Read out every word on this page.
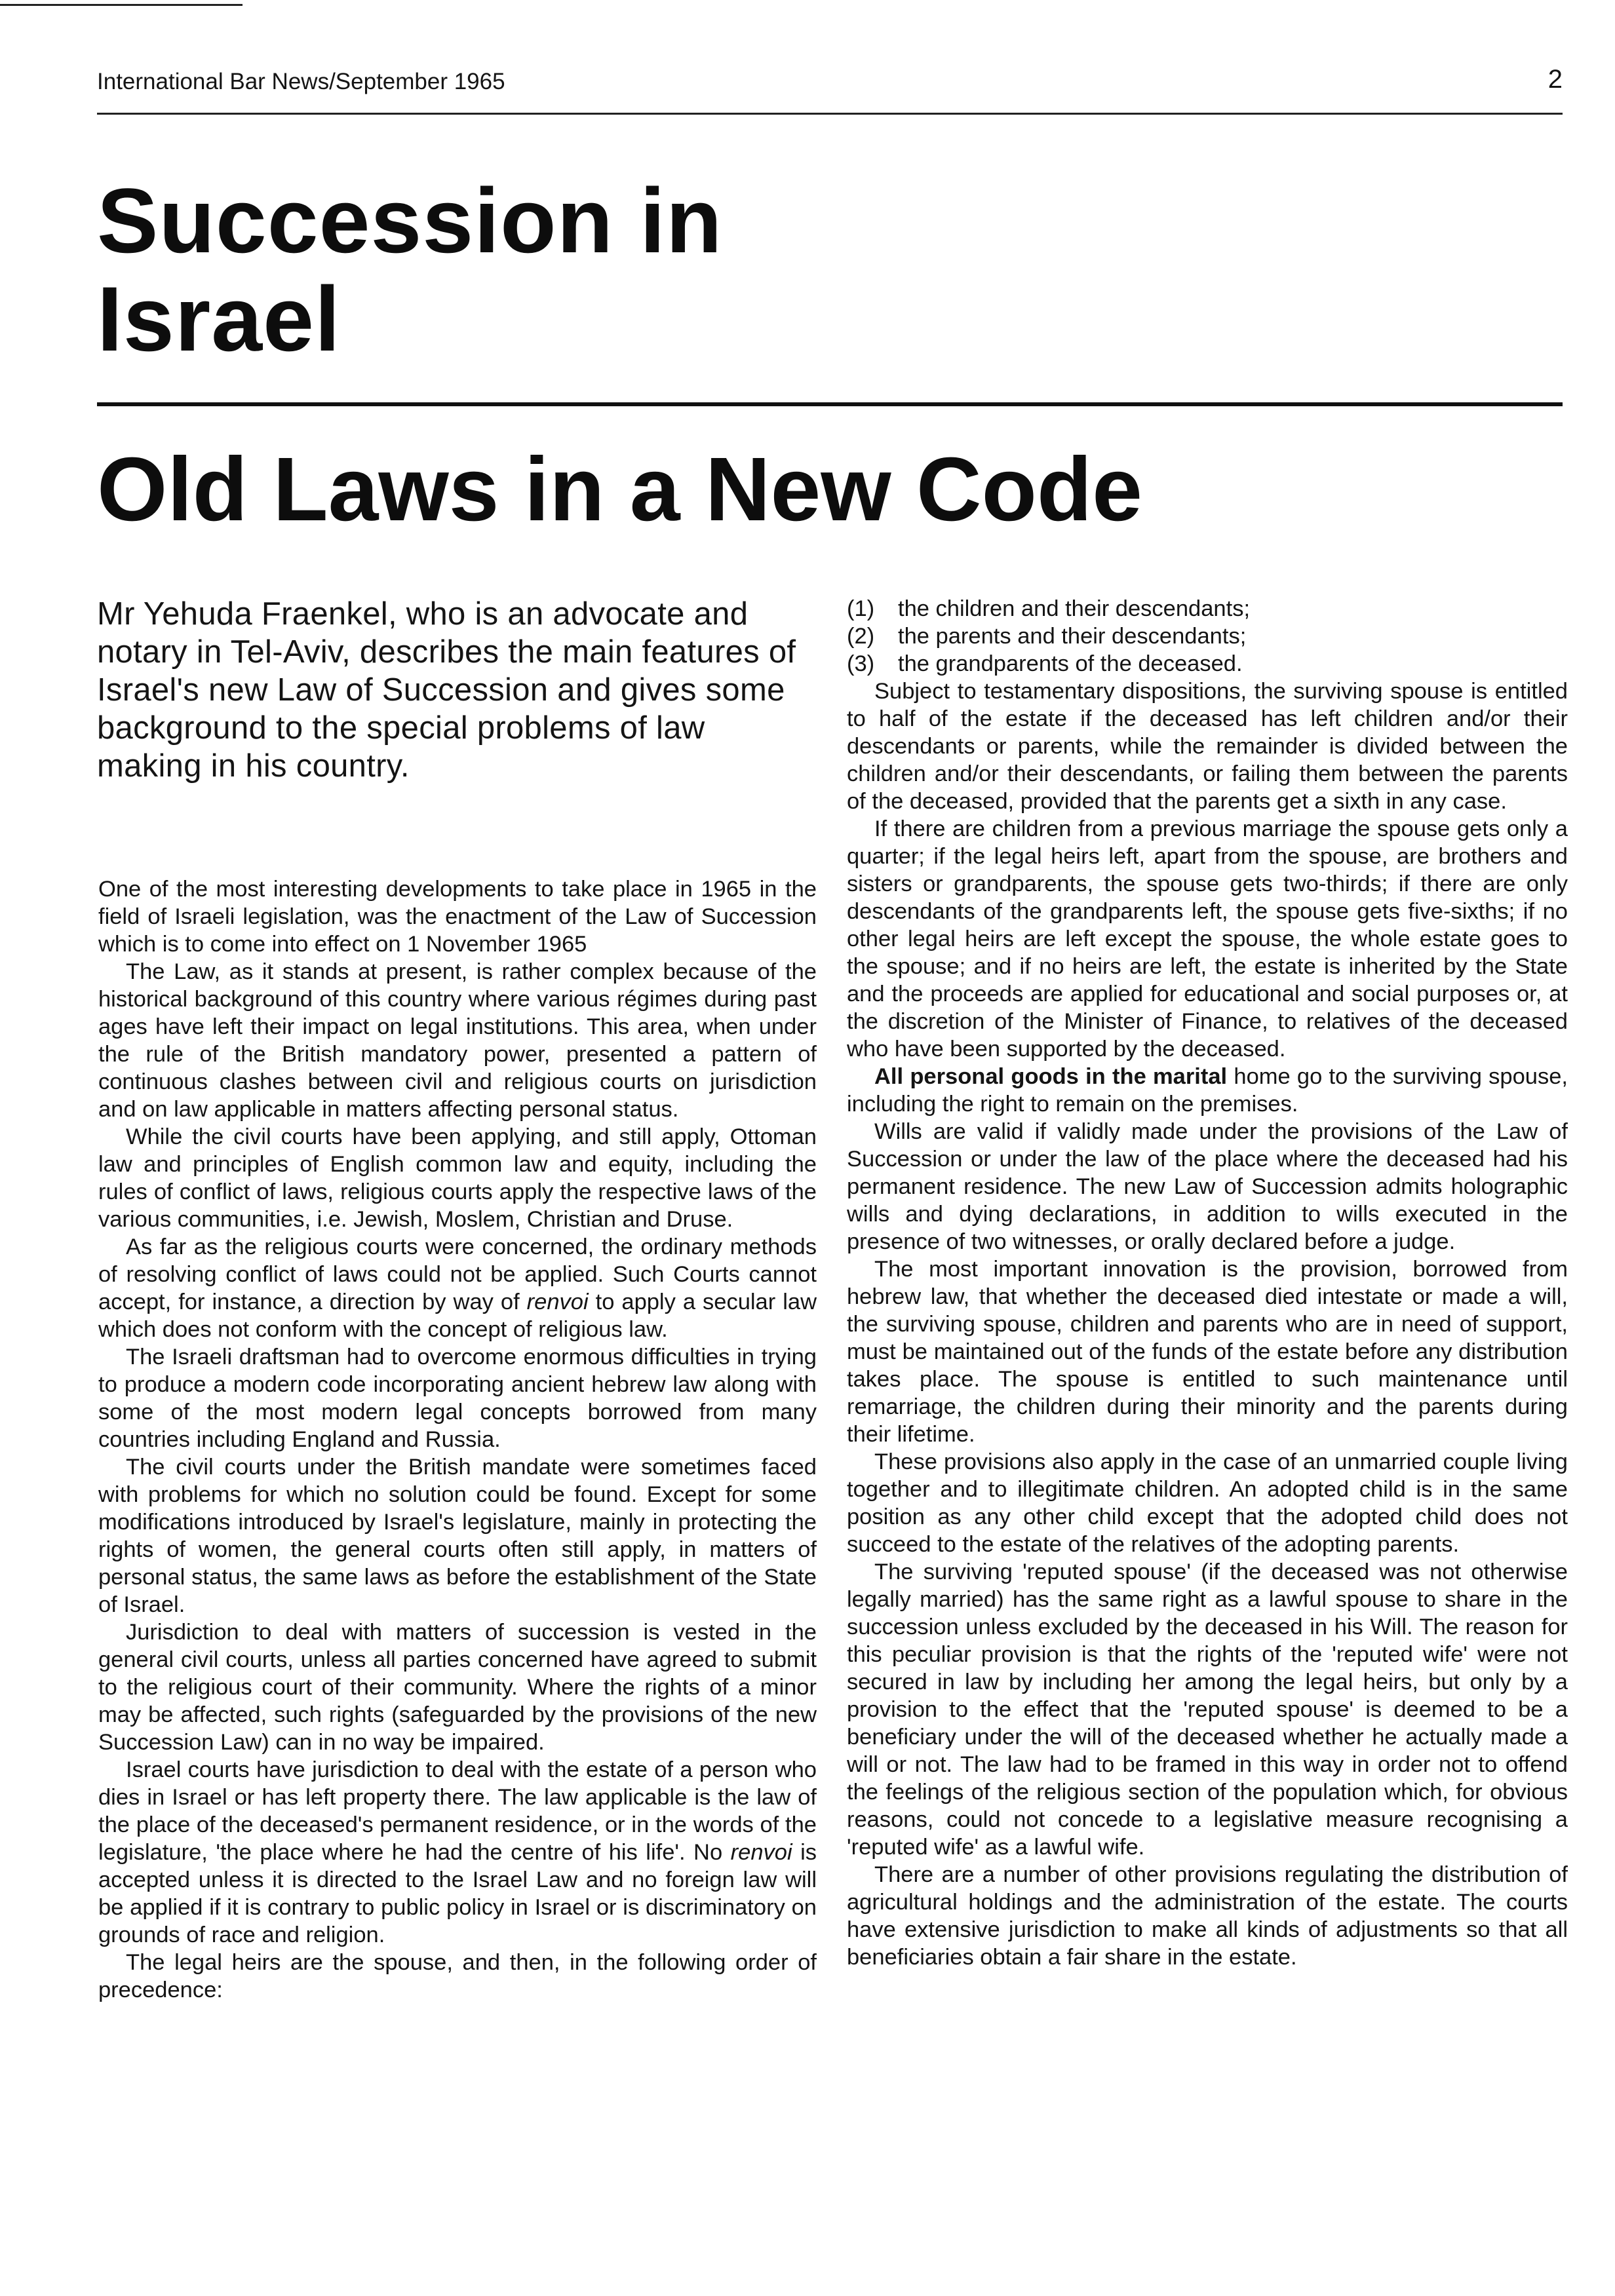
International Bar News/September 1965	2
Succession in
Israel
Old Laws in a New Code

Mr Yehuda Fraenkel, who is an advocate and notary in Tel-Aviv, describes the main features of Israel's new Law of Succession and gives some background to the special problems of law making in his country.

One of the most interesting developments to take place in 1965 in the field of Israeli legislation, was the enactment of the Law of Succession which is to come into effect on 1 November 1965

The Law, as it stands at present, is rather complex because of the historical background of this country where various régimes during past ages have left their impact on legal institutions. This area, when under the rule of the British mandatory power, presented a pattern of continuous clashes between civil and religious courts on jurisdiction and on law applicable in matters affecting personal status.

While the civil courts have been applying, and still apply, Ottoman law and principles of English common law and equity, including the rules of conflict of laws, religious courts apply the respective laws of the various communities, i.e. Jewish, Moslem, Christian and Druse.

As far as the religious courts were concerned, the ordinary methods of resolving conflict of laws could not be applied. Such Courts cannot accept, for instance, a direction by way of renvoi to apply a secular law which does not conform with the concept of religious law.

The Israeli draftsman had to overcome enormous difficulties in trying to produce a modern code incorporating ancient hebrew law along with some of the most modern legal concepts borrowed from many countries including England and Russia.

The civil courts under the British mandate were sometimes faced with problems for which no solution could be found. Except for some modifications introduced by Israel's legislature, mainly in protecting the rights of women, the general courts often still apply, in matters of personal status, the same laws as before the establishment of the State of Israel.

Jurisdiction to deal with matters of succession is vested in the general civil courts, unless all parties concerned have agreed to submit to the religious court of their community. Where the rights of a minor may be affected, such rights (safeguarded by the provisions of the new Succession Law) can in no way be impaired.

Israel courts have jurisdiction to deal with the estate of a person who dies in Israel or has left property there. The law applicable is the law of the place of the deceased's permanent residence, or in the words of the legislature, 'the place where he had the centre of his life'. No renvoi is accepted unless it is directed to the Israel Law and no foreign law will be applied if it is contrary to public policy in Israel or is discriminatory on grounds of race and religion.

The legal heirs are the spouse, and then, in the following order of precedence:

(1) the children and their descendants;
(2) the parents and their descendants;
(3) the grandparents of the deceased.

Subject to testamentary dispositions, the surviving spouse is entitled to half of the estate if the deceased has left children and/or their descendants or parents, while the remainder is divided between the children and/or their descendants, or failing them between the parents of the deceased, provided that the parents get a sixth in any case.

If there are children from a previous marriage the spouse gets only a quarter; if the legal heirs left, apart from the spouse, are brothers and sisters or grandparents, the spouse gets two-thirds; if there are only descendants of the grandparents left, the spouse gets five-sixths; if no other legal heirs are left except the spouse, the whole estate goes to the spouse; and if no heirs are left, the estate is inherited by the State and the proceeds are applied for educational and social purposes or, at the discretion of the Minister of Finance, to relatives of the deceased who have been supported by the deceased.

All personal goods in the marital home go to the surviving spouse, including the right to remain on the premises.

Wills are valid if validly made under the provisions of the Law of Succession or under the law of the place where the deceased had his permanent residence. The new Law of Succession admits holographic wills and dying declarations, in addition to wills executed in the presence of two witnesses, or orally declared before a judge.

The most important innovation is the provision, borrowed from hebrew law, that whether the deceased died intestate or made a will, the surviving spouse, children and parents who are in need of support, must be maintained out of the funds of the estate before any distribution takes place. The spouse is entitled to such maintenance until remarriage, the children during their minority and the parents during their lifetime.

These provisions also apply in the case of an unmarried couple living together and to illegitimate children. An adopted child is in the same position as any other child except that the adopted child does not succeed to the estate of the relatives of the adopting parents.

The surviving 'reputed spouse' (if the deceased was not otherwise legally married) has the same right as a lawful spouse to share in the succession unless excluded by the deceased in his Will. The reason for this peculiar provision is that the rights of the 'reputed wife' were not secured in law by including her among the legal heirs, but only by a provision to the effect that the 'reputed spouse' is deemed to be a beneficiary under the will of the deceased whether he actually made a will or not. The law had to be framed in this way in order not to offend the feelings of the religious section of the population which, for obvious reasons, could not concede to a legislative measure recognising a 'reputed wife' as a lawful wife.

There are a number of other provisions regulating the distribution of agricultural holdings and the administration of the estate. The courts have extensive jurisdiction to make all kinds of adjustments so that all beneficiaries obtain a fair share in the estate.
